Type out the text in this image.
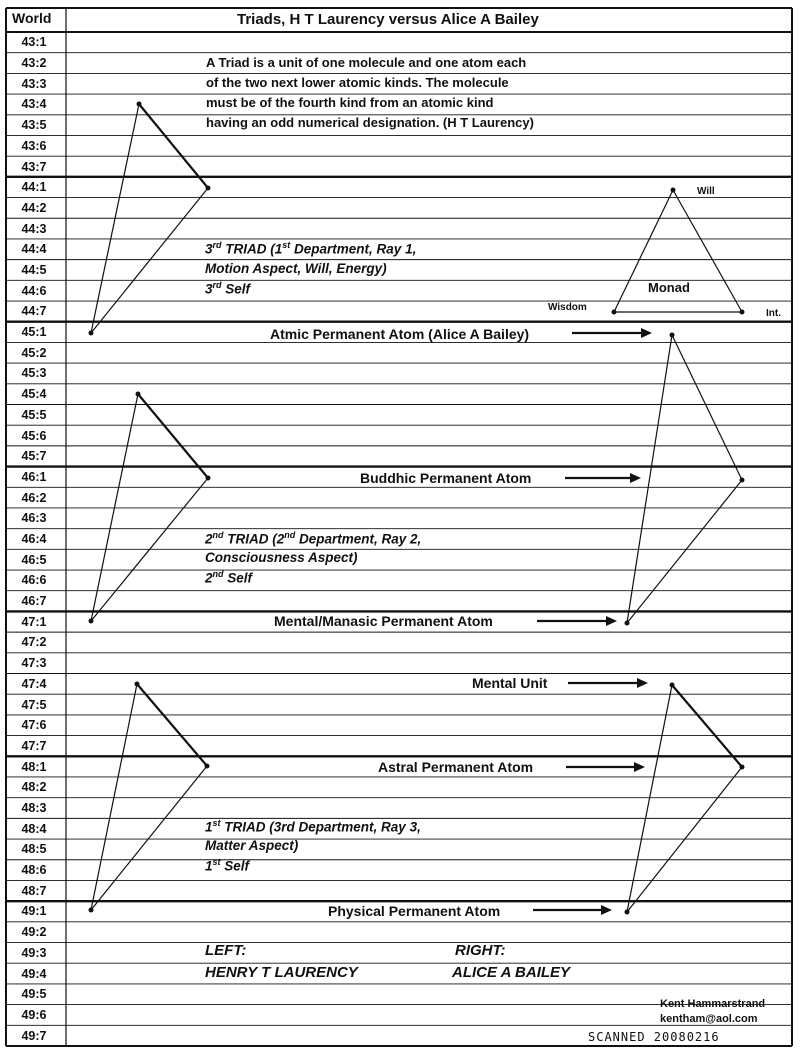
43:1
43:2
43:3
43:4
43:5
43:6
43:7
44:1
44:2
44:3
44:4
44:5
44:6
44:7
45:1
45:2
45:3
45:4
45:5
45:6
45:7
46:1
46:2
46:3
46:4
46:5
46:6
46:7
47:1
47:2
47:3
47:4
47:5
47:6
47:7
48:1
48:2
48:3
48:4
48:5
48:6
48:7
49:1
49:2
49:3
49:4
49:5
49:6
49:7
World	Triads, H T Laurency versus Alice A Bailey
A Triad is a unit of one molecule and one atom each
of the two next lower atomic kinds. The molecule
must be of the fourth kind from an atomic kind
having an odd numerical designation. (H T Laurency)
3rd TRIAD (1st Department, Ray 1,
Motion Aspect, Will, Energy)
3rd Self
2nd TRIAD (2nd Department, Ray 2,
Consciousness Aspect)
2nd Self
1st TRIAD (3rd Department, Ray 3,
Matter Aspect)
1st Self
Will
Wisdom
Int.
Monad
Atmic Permanent Atom (Alice A Bailey)
Buddhic Permanent Atom
Mental/Manasic Permanent Atom
Mental Unit
Astral Permanent Atom
Physical Permanent Atom
LEFT:
HENRY T LAURENCY
RIGHT:
ALICE A BAILEY
Kent Hammarstrand
kentham@aol.com
SCANNED 20080216
